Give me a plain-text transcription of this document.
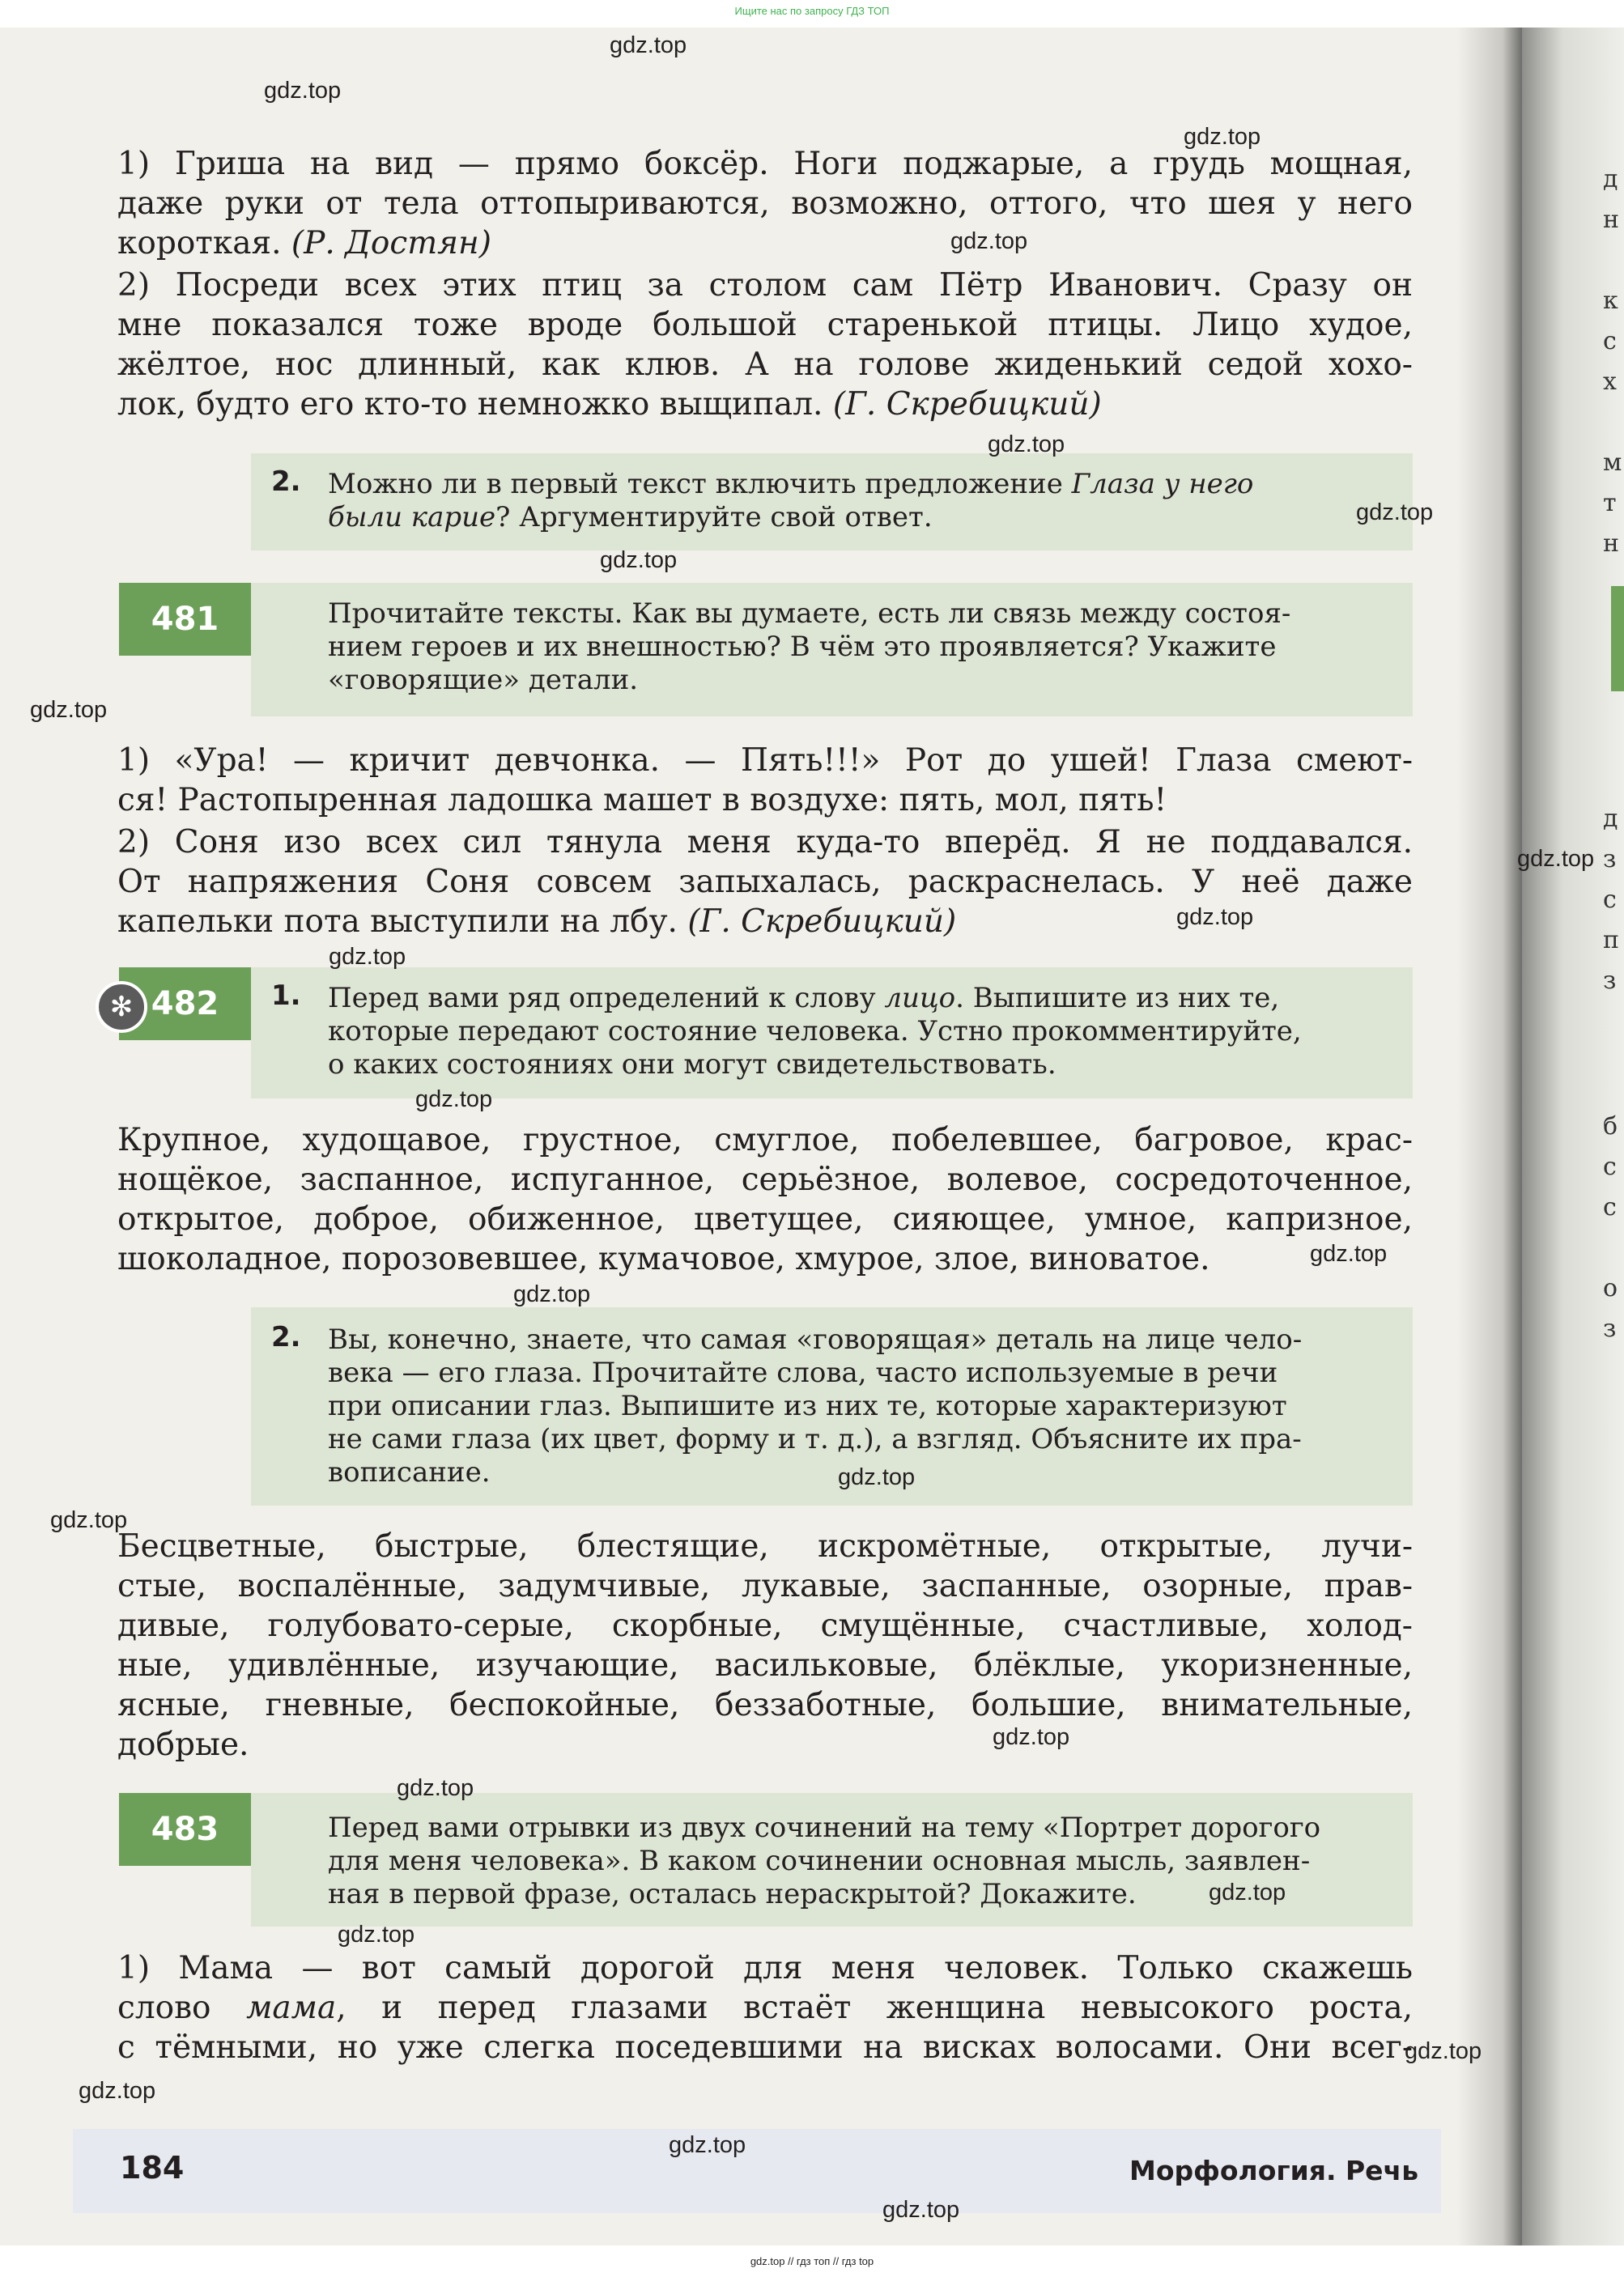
Ищите нас по запросу ГДЗ ТОП
д
н
к
с
х
м
т
н
д
з
с
п
з
б
с
с
о
з
1) Гриша на вид — прямо боксёр. Ноги поджарые, а грудь мощная,
даже руки от тела оттопыриваются, возможно, оттого, что шея у него
короткая. (Р. Достян)
2) Посреди всех этих птиц за столом сам Пётр Иванович. Сразу он
мне показался тоже вроде большой старенькой птицы. Лицо худое,
жёлтое, нос длинный, как клюв. А на голове жиденький седой хохо-
лок, будто его кто-то немножко выщипал. (Г. Скребицкий)
2. Можно ли в первый текст включить предложение Глаза у него
были карие? Аргументируйте свой ответ.
481	Прочитайте тексты. Как вы думаете, есть ли связь между состоя-
нием героев и их внешностью? В чём это проявляется? Укажите
«говорящие» детали.
1) «Ура! — кричит девчонка. — Пять!!!» Рот до ушей! Глаза смеют-
ся! Растопыренная ладошка машет в воздухе: пять, мол, пять!
2) Соня изо всех сил тянула меня куда-то вперёд. Я не поддавался.
От напряжения Соня совсем запыхалась, раскраснелась. У неё даже
капельки пота выступили на лбу. (Г. Скребицкий)
482
✻	1. Перед вами ряд определений к слову лицо. Выпишите из них те,
которые передают состояние человека. Устно прокомментируйте,
о каких состояниях они могут свидетельствовать.
Крупное, худощавое, грустное, смуглое, побелевшее, багровое, крас-
нощёкое, заспанное, испуганное, серьёзное, волевое, сосредоточенное,
открытое, доброе, обиженное, цветущее, сияющее, умное, капризное,
шоколадное, порозовевшее, кумачовое, хмурое, злое, виноватое.
2. Вы, конечно, знаете, что самая «говорящая» деталь на лице чело-
века — его глаза. Прочитайте слова, часто используемые в речи
при описании глаз. Выпишите из них те, которые характеризуют
не сами глаза (их цвет, форму и т. д.), а взгляд. Объясните их пра-
вописание.
Бесцветные, быстрые, блестящие, искромётные, открытые, лучи-
стые, воспалённые, задумчивые, лукавые, заспанные, озорные, прав-
дивые, голубовато-серые, скорбные, смущённые, счастливые, холод-
ные, удивлённые, изучающие, васильковые, блёклые, укоризненные,
ясные, гневные, беспокойные, беззаботные, большие, внимательные,
добрые.
483	Перед вами отрывки из двух сочинений на тему «Портрет дорогого
для меня человека». В каком сочинении основная мысль, заявлен-
ная в первой фразе, осталась нераскрытой? Докажите.
1) Мама — вот самый дорогой для меня человек. Только скажешь
слово мама, и перед глазами встаёт женщина невысокого роста,
с тёмными, но уже слегка поседевшими на висках волосами. Они всег-
184	Морфология. Речь
gdz.top
gdz.top
gdz.top
gdz.top
gdz.top
gdz.top
gdz.top
gdz.top
gdz.top
gdz.top
gdz.top
gdz.top
gdz.top
gdz.top
gdz.top
gdz.top
gdz.top
gdz.top
gdz.top
gdz.top
gdz.top
gdz.top
gdz.top
gdz.top
gdz.top // гдз топ // гдз top
